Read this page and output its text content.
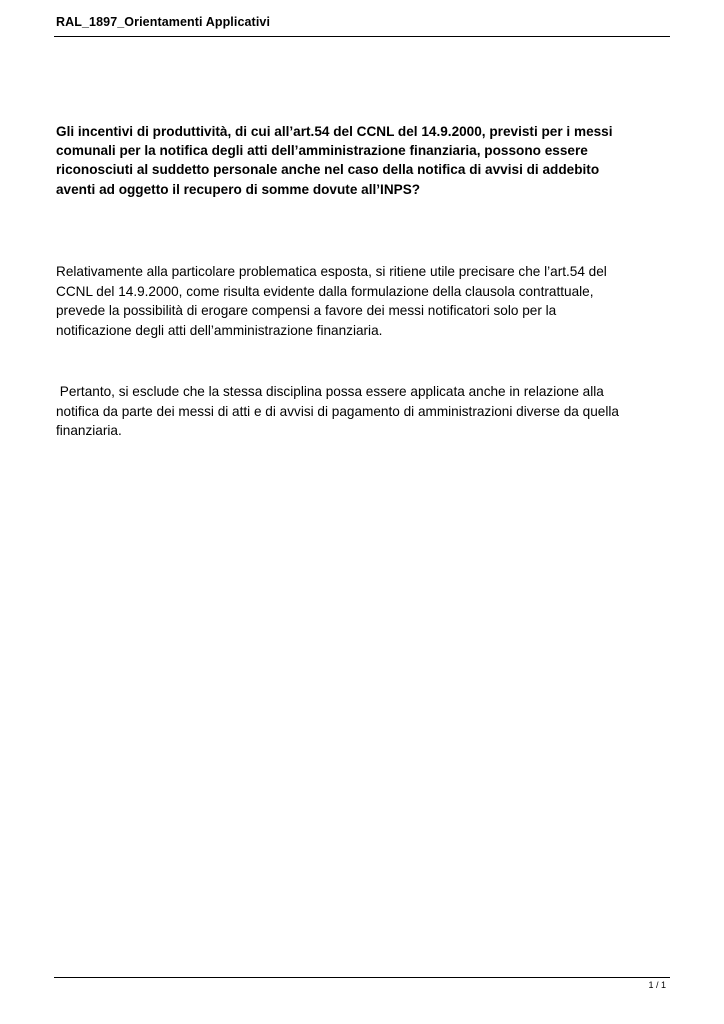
RAL_1897_Orientamenti Applicativi

Gli incentivi di produttività, di cui all’art.54 del CCNL del 14.9.2000, previsti per i messi
comunali per la notifica degli atti dell’amministrazione finanziaria, possono essere
riconosciuti al suddetto personale anche nel caso della notifica di avvisi di addebito
aventi ad oggetto il recupero di somme dovute all’INPS?

Relativamente alla particolare problematica esposta, si ritiene utile precisare che l’art.54 del
CCNL del 14.9.2000, come risulta evidente dalla formulazione della clausola contrattuale,
prevede la possibilità di erogare compensi a favore dei messi notificatori solo per la
notificazione degli atti dell’amministrazione finanziaria.

Pertanto, si esclude che la stessa disciplina possa essere applicata anche in relazione alla
notifica da parte dei messi di atti e di avvisi di pagamento di amministrazioni diverse da quella
finanziaria.

1 / 1
